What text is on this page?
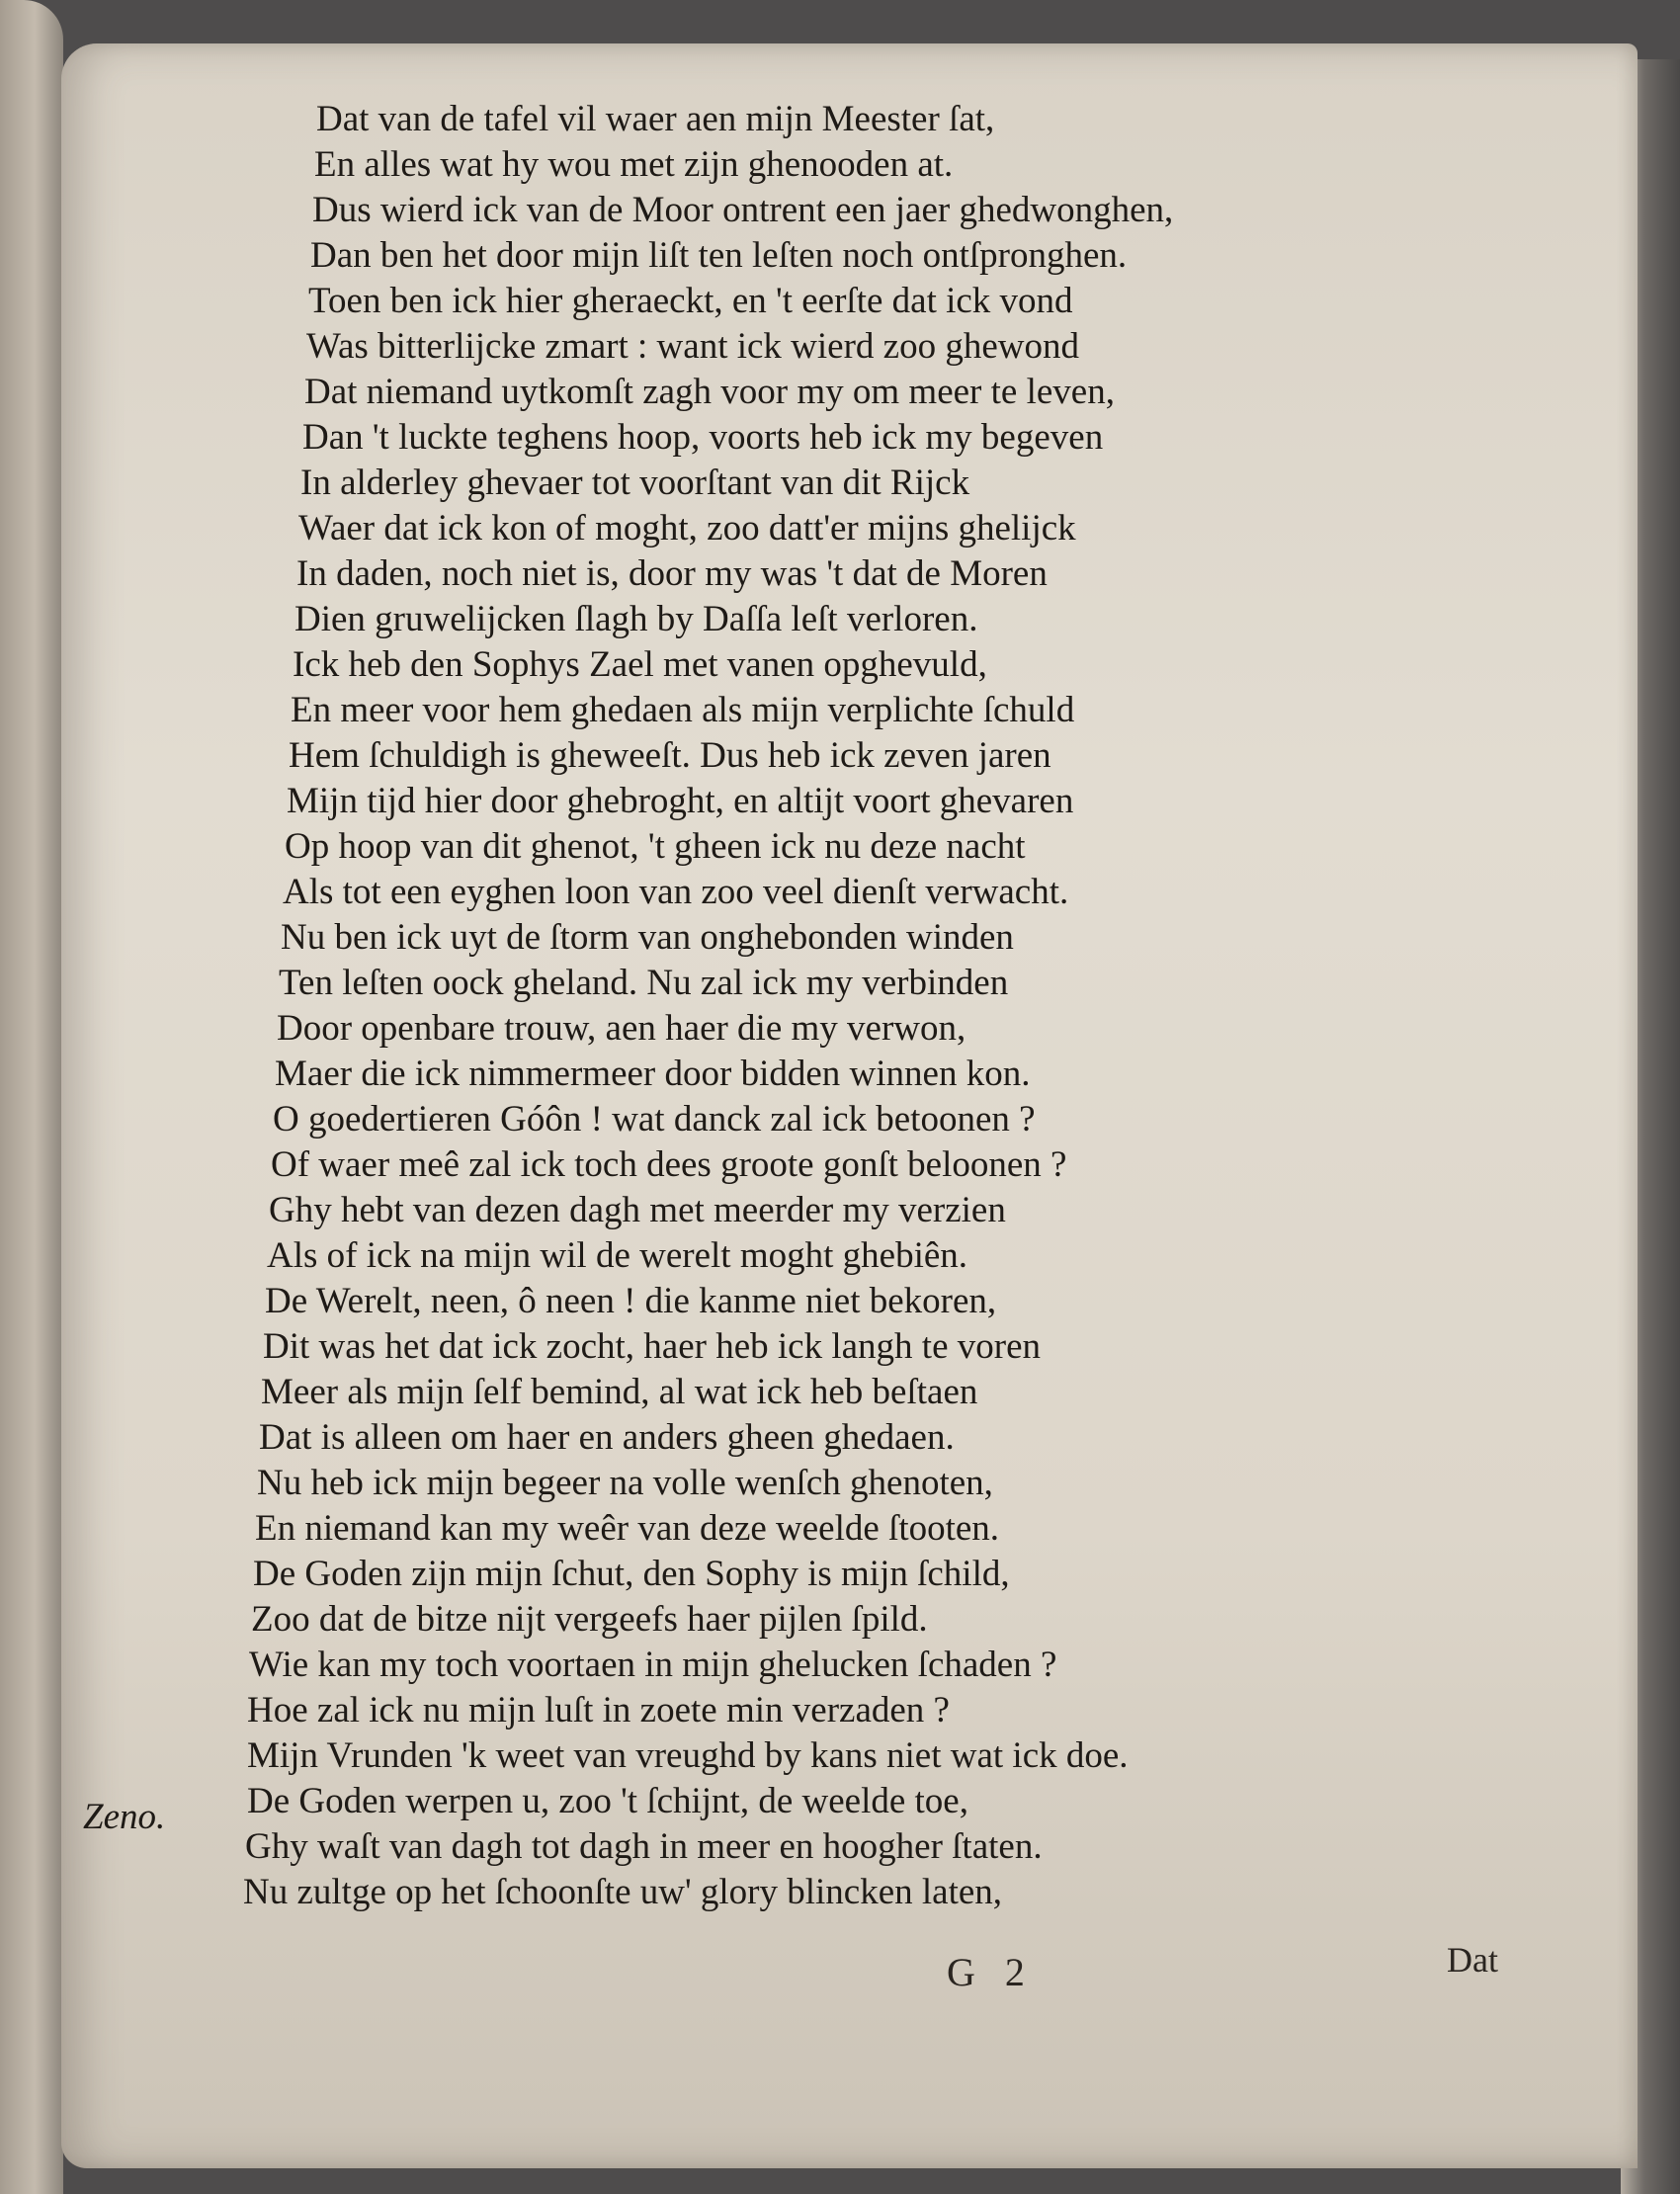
Dat van de tafel vil waer aen mijn Meester ſat,
En alles wat hy wou met zijn ghenooden at.
Dus wierd ick van de Moor ontrent een jaer ghedwonghen,
Dan ben het door mijn liſt ten leſten noch ontſpronghen.
Toen ben ick hier gheraeckt, en 't eerſte dat ick vond
Was bitterlijcke zmart : want ick wierd zoo ghewond
Dat niemand uytkomſt zagh voor my om meer te leven,
Dan 't luckte teghens hoop, voorts heb ick my begeven
In alderley ghevaer tot voorſtant van dit Rijck
Waer dat ick kon of moght, zoo datt'er mijns ghelijck
In daden, noch niet is, door my was 't dat de Moren
Dien gruwelijcken ſlagh by Daſſa leſt verloren.
Ick heb den Sophys Zael met vanen opghevuld,
En meer voor hem ghedaen als mijn verplichte ſchuld
Hem ſchuldigh is gheweeſt. Dus heb ick zeven jaren
Mijn tijd hier door ghebroght, en altijt voort ghevaren
Op hoop van dit ghenot, 't gheen ick nu deze nacht
Als tot een eyghen loon van zoo veel dienſt verwacht.
Nu ben ick uyt de ſtorm van onghebonden winden
Ten leſten oock gheland. Nu zal ick my verbinden
Door openbare trouw, aen haer die my verwon,
Maer die ick nimmermeer door bidden winnen kon.
O goedertieren Góôn ! wat danck zal ick betoonen ?
Of waer meê zal ick toch dees groote gonſt beloonen ?
Ghy hebt van dezen dagh met meerder my verzien
Als of ick na mijn wil de werelt moght ghebiên.
De Werelt, neen, ô neen ! die kanme niet bekoren,
Dit was het dat ick zocht, haer heb ick langh te voren
Meer als mijn ſelf bemind, al wat ick heb beſtaen
Dat is alleen om haer en anders gheen ghedaen.
Nu heb ick mijn begeer na volle wenſch ghenoten,
En niemand kan my weêr van deze weelde ſtooten.
De Goden zijn mijn ſchut, den Sophy is mijn ſchild,
Zoo dat de bitze nijt vergeefs haer pijlen ſpild.
Wie kan my toch voortaen in mijn ghelucken ſchaden ?
Hoe zal ick nu mijn luſt in zoete min verzaden ?
Mijn Vrunden 'k weet van vreughd by kans niet wat ick doe.
De Goden werpen u, zoo 't ſchijnt, de weelde toe,
Ghy waſt van dagh tot dagh in meer en hoogher ſtaten.
Nu zultge op het ſchoonſte uw' glory blincken laten,
Zeno.
G 2	Dat
